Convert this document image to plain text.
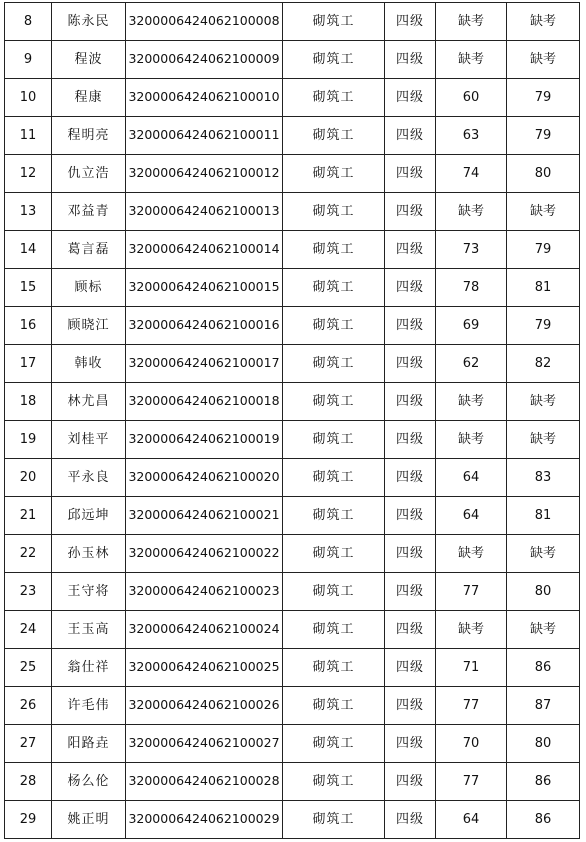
8	陈永民	3200006424062100008	砌筑工	四级	缺考	缺考
9	程波	3200006424062100009	砌筑工	四级	缺考	缺考
10	程康	3200006424062100010	砌筑工	四级	60	79
11	程明亮	3200006424062100011	砌筑工	四级	63	79
12	仇立浩	3200006424062100012	砌筑工	四级	74	80
13	邓益青	3200006424062100013	砌筑工	四级	缺考	缺考
14	葛言磊	3200006424062100014	砌筑工	四级	73	79
15	顾标	3200006424062100015	砌筑工	四级	78	81
16	顾晓江	3200006424062100016	砌筑工	四级	69	79
17	韩收	3200006424062100017	砌筑工	四级	62	82
18	林尤昌	3200006424062100018	砌筑工	四级	缺考	缺考
19	刘桂平	3200006424062100019	砌筑工	四级	缺考	缺考
20	平永良	3200006424062100020	砌筑工	四级	64	83
21	邱远坤	3200006424062100021	砌筑工	四级	64	81
22	孙玉林	3200006424062100022	砌筑工	四级	缺考	缺考
23	王守将	3200006424062100023	砌筑工	四级	77	80
24	王玉高	3200006424062100024	砌筑工	四级	缺考	缺考
25	翁仕祥	3200006424062100025	砌筑工	四级	71	86
26	许毛伟	3200006424062100026	砌筑工	四级	77	87
27	阳路垚	3200006424062100027	砌筑工	四级	70	80
28	杨么伦	3200006424062100028	砌筑工	四级	77	86
29	姚正明	3200006424062100029	砌筑工	四级	64	86
